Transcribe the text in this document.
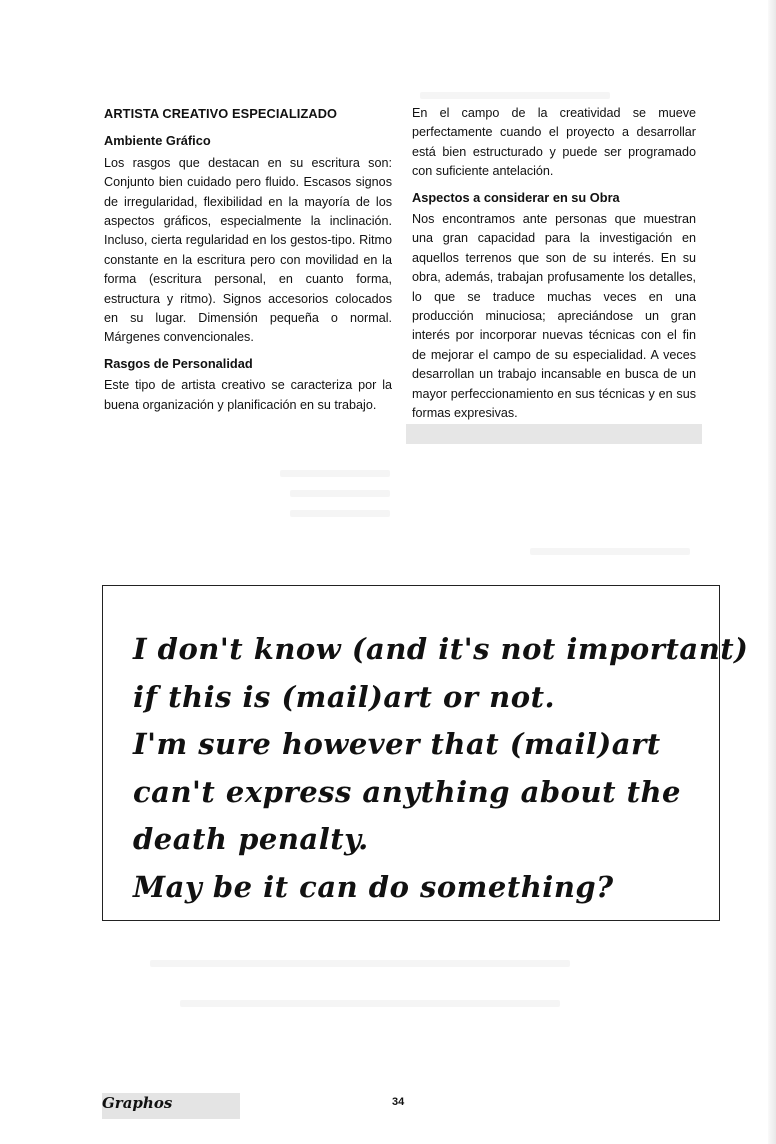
ARTISTA CREATIVO ESPECIALIZADO
Ambiente Gráfico

Los rasgos que destacan en su escritura son: Conjunto bien cuidado pero fluido. Escasos signos de irregularidad, flexibilidad en la mayoría de los aspectos gráficos, especialmente la inclinación. Incluso, cierta regularidad en los gestos-tipo. Ritmo constante en la escritura pero con movilidad en la forma (escritura personal, en cuanto forma, estructura y ritmo). Signos accesorios colocados en su lugar. Dimensión pequeña o normal. Márgenes convencionales.

Rasgos de Personalidad

Este tipo de artista creativo se caracteriza por la buena organización y planificación en su trabajo.

En el campo de la creatividad se mueve perfectamente cuando el proyecto a desarrollar está bien estructurado y puede ser programado con suficiente antelación.

Aspectos a considerar en su Obra

Nos encontramos ante personas que muestran una gran capacidad para la investigación en aquellos terrenos que son de su interés. En su obra, además, trabajan profusamente los detalles, lo que se traduce muchas veces en una producción minuciosa; apreciándose un gran interés por incorporar nuevas técnicas con el fin de mejorar el campo de su especialidad. A veces desarrollan un trabajo incansable en busca de un mayor perfeccionamiento en sus técnicas y en sus formas expresivas.

I don't know (and it's not important)
if this is (mail)art or not.
I'm sure however that (mail)art
can't express anything about the
death penalty.
May be it can do something?
Graphos	34
